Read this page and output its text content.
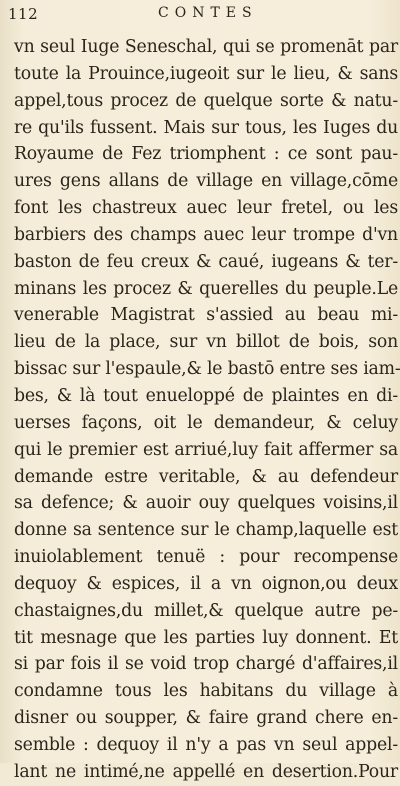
112	CONTES
vn seul Iuge Seneschal, qui se promenāt par
toute la Prouince,iugeoit sur le lieu, & sans
appel,tous procez de quelque sorte & natu-
re qu'ils fussent. Mais sur tous, les Iuges du
Royaume de Fez triomphent : ce sont pau-
ures gens allans de village en village,cōme
font les chastreux auec leur fretel, ou les
barbiers des champs auec leur trompe d'vn
baston de feu creux & caué, iugeans & ter-
minans les procez & querelles du peuple.Le
venerable Magistrat s'assied au beau mi-
lieu de la place, sur vn billot de bois, son
bissac sur l'espaule,& le bastō entre ses iam-
bes, & là tout enueloppé de plaintes en di-
uerses façons, oit le demandeur, & celuy
qui le premier est arriué,luy fait affermer sa
demande estre veritable, & au defendeur
sa defence; & auoir ouy quelques voisins,il
donne sa sentence sur le champ,laquelle est
inuiolablement tenuë : pour recompense
dequoy & espices, il a vn oignon,ou deux
chastaignes,du millet,& quelque autre pe-
tit mesnage que les parties luy donnent. Et
si par fois il se void trop chargé d'affaires,il
condamne tous les habitans du village à
disner ou soupper, & faire grand chere en-
semble : dequoy il n'y a pas vn seul appel-
lant ne intimé,ne appellé en desertion.Pour
